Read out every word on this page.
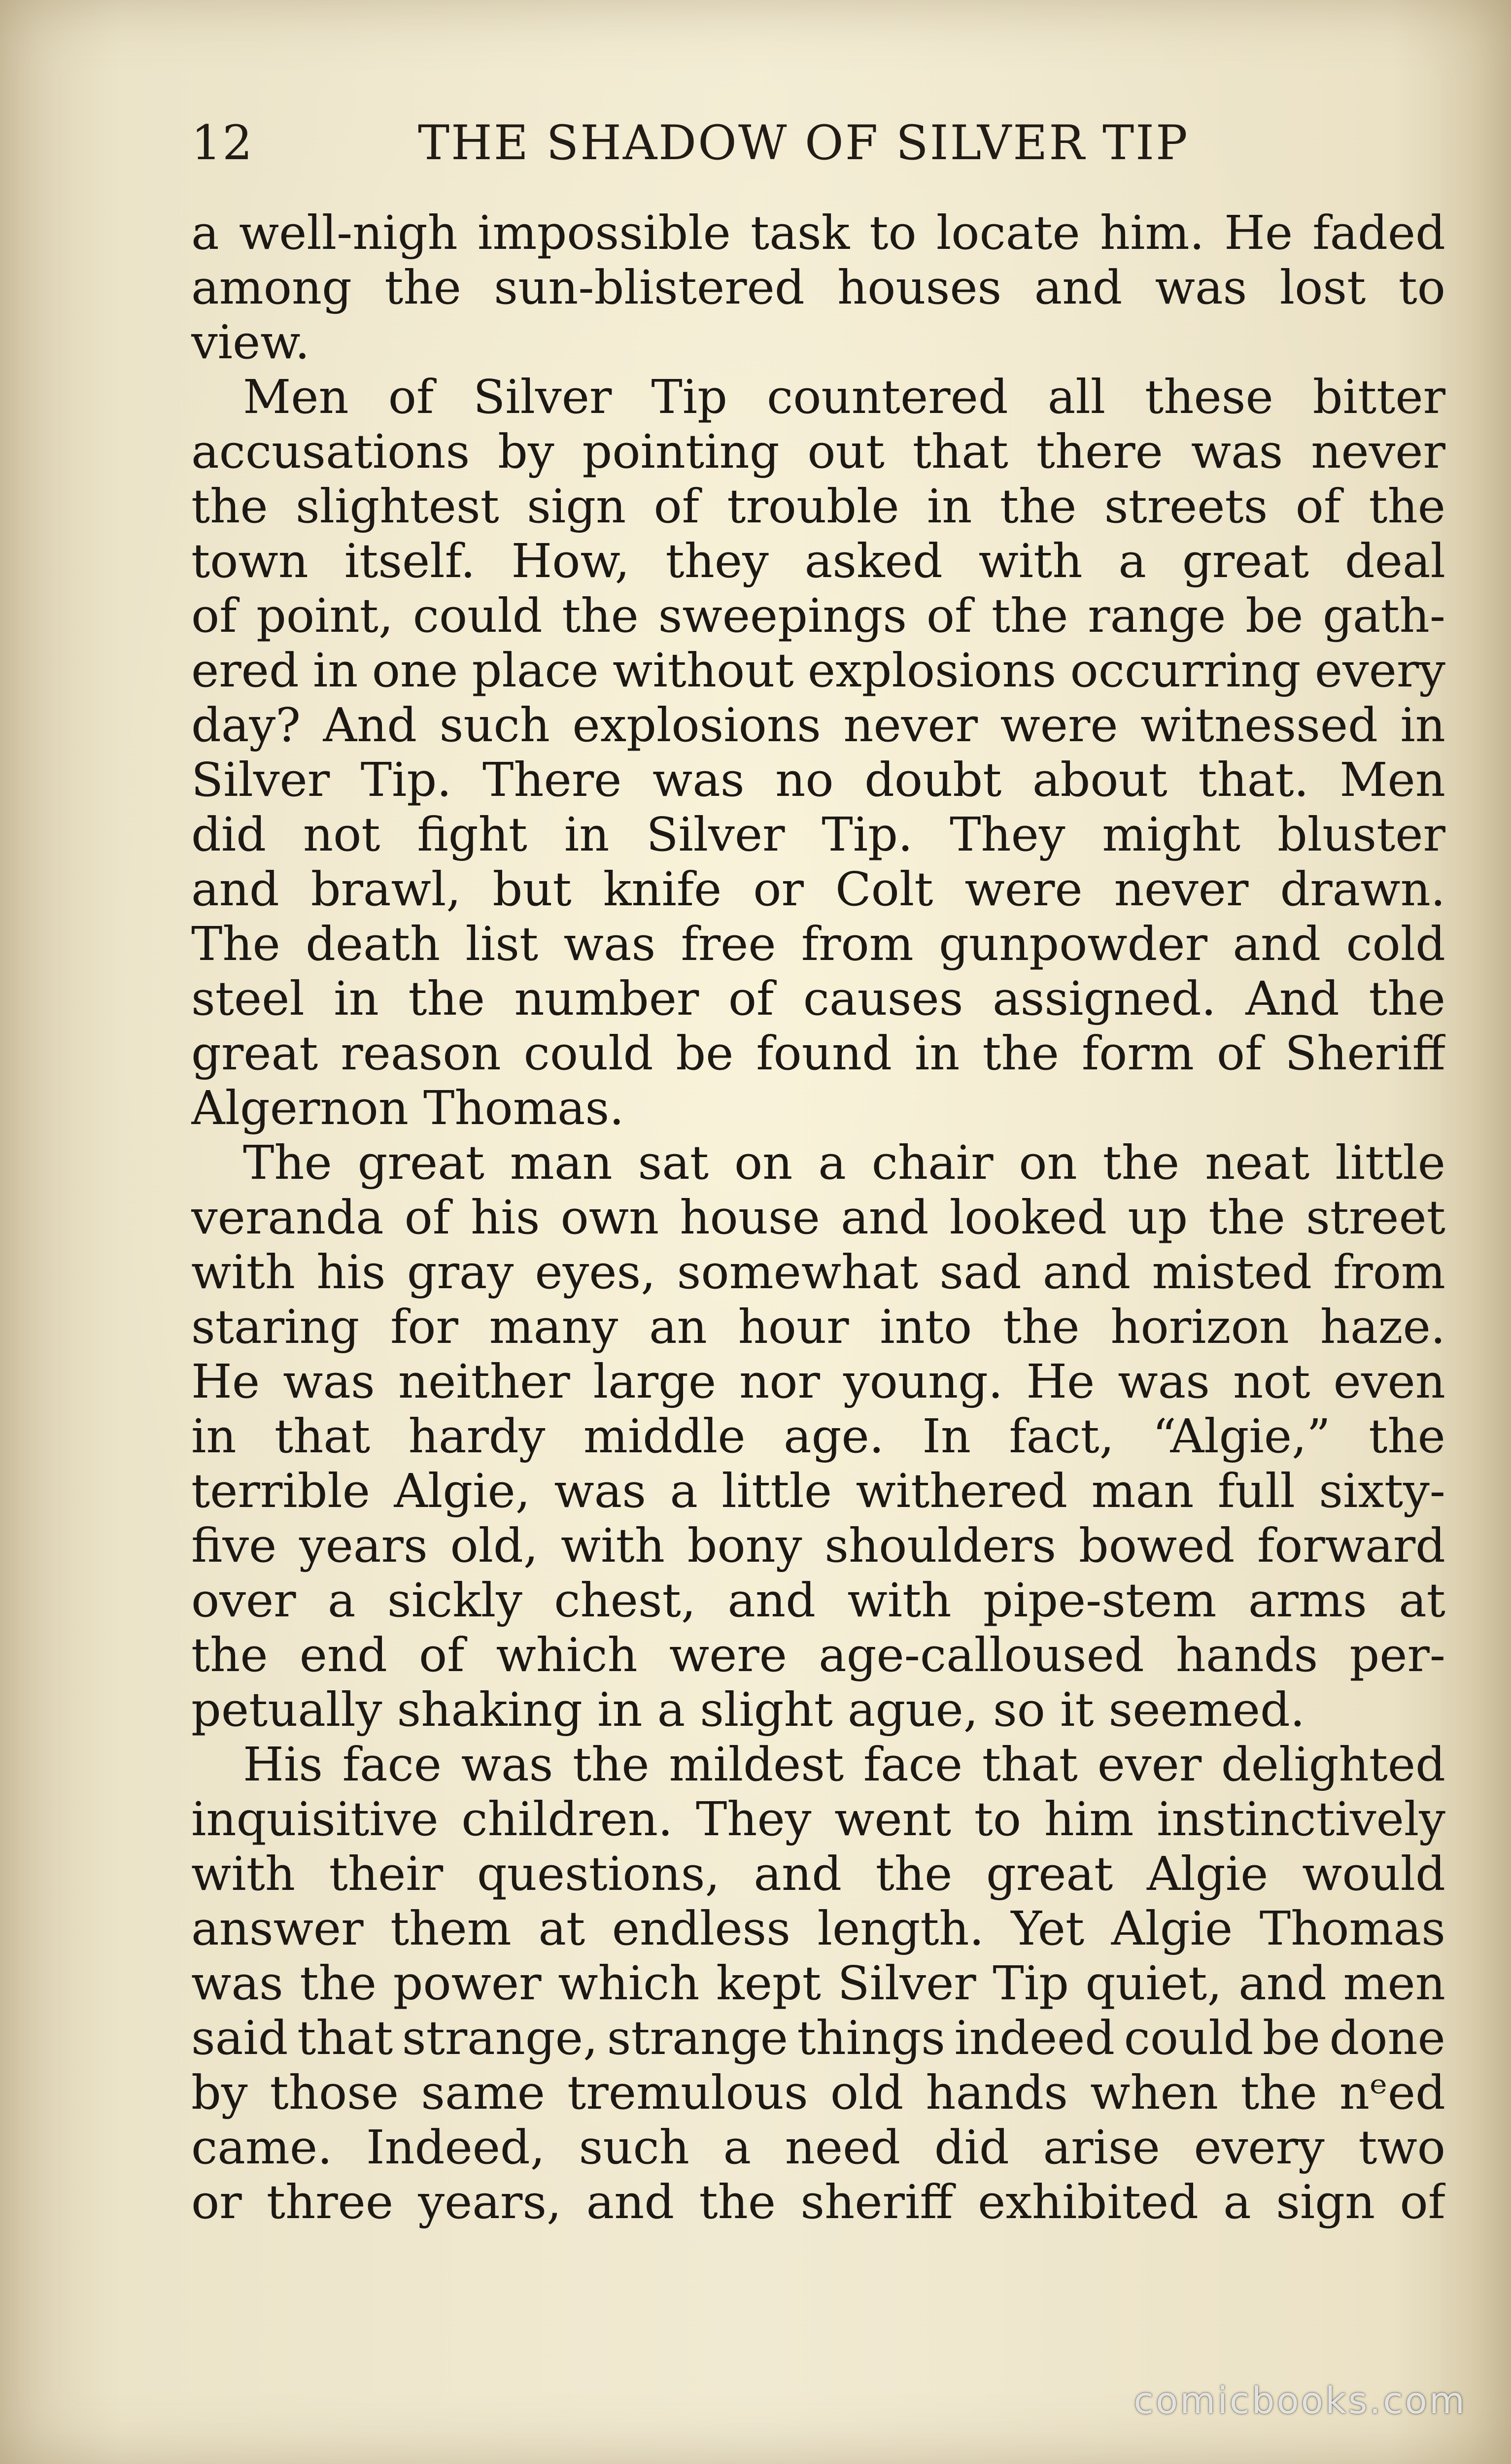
12	THE SHADOW OF SILVER TIP
a well-nigh impossible task to locate him. He faded
among the sun-blistered houses and was lost to
view.
Men of Silver Tip countered all these bitter
accusations by pointing out that there was never
the slightest sign of trouble in the streets of the
town itself. How, they asked with a great deal
of point, could the sweepings of the range be gath-
ered in one place without explosions occurring every
day? And such explosions never were witnessed in
Silver Tip. There was no doubt about that. Men
did not fight in Silver Tip. They might bluster
and brawl, but knife or Colt were never drawn.
The death list was free from gunpowder and cold
steel in the number of causes assigned. And the
great reason could be found in the form of Sheriff
Algernon Thomas.
The great man sat on a chair on the neat little
veranda of his own house and looked up the street
with his gray eyes, somewhat sad and misted from
staring for many an hour into the horizon haze.
He was neither large nor young. He was not even
in that hardy middle age. In fact, “Algie,” the
terrible Algie, was a little withered man full sixty-
five years old, with bony shoulders bowed forward
over a sickly chest, and with pipe-stem arms at
the end of which were age-calloused hands per-
petually shaking in a slight ague, so it seemed.
His face was the mildest face that ever delighted
inquisitive children. They went to him instinctively
with their questions, and the great Algie would
answer them at endless length. Yet Algie Thomas
was the power which kept Silver Tip quiet, and men
said that strange, strange things indeed could be done
by those same tremulous old hands when the nᵉed
came. Indeed, such a need did arise every two
or three years, and the sheriff exhibited a sign of
comicbooks.com
